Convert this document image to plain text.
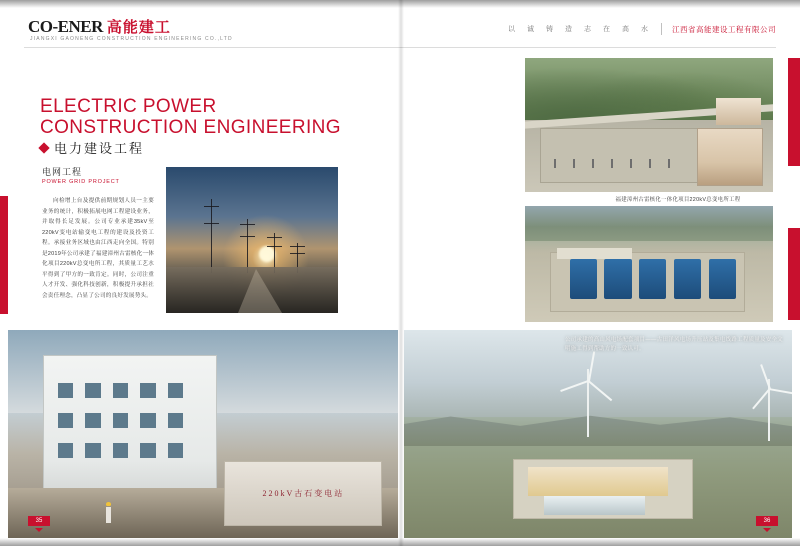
CO-ENER 高能建工
JIANGXI GAONENG CONSTRUCTION ENGINEERING CO.,LTD
以 诚 铸 造 志 在 高 水	江西省高能建设工程有限公司
ELECTRIC POWER
CONSTRUCTION ENGINEERING
电力建设工程
电网工程
POWER GRID PROJECT

向检增上台及提供前期规划人员一主要业务的统计，积极拓展电网工程建设业务，并取得长足发展。公司专业承建35kV至220kV变电站输变电工程的建设及投资工程。承接业务区域也由江西走向全国。特别是2019年公司承建了福建漳州古雷核化一体化项目220kV总变电所工程，其质量工艺水平得到了甲方的一致肯定。同时，公司注重人才开发、强化科技创新，积极提升承担社会责任理念，凸显了公司的良好发展势头。

福建漳州古雷核化一体化项目220kV总变电所工程
220kV古石变电站
公司承建的高山风电场配套项目——古田洋风电场升压站及集电线路工程质量及安全文明施工得到帮助方的一致认可。
35	36
